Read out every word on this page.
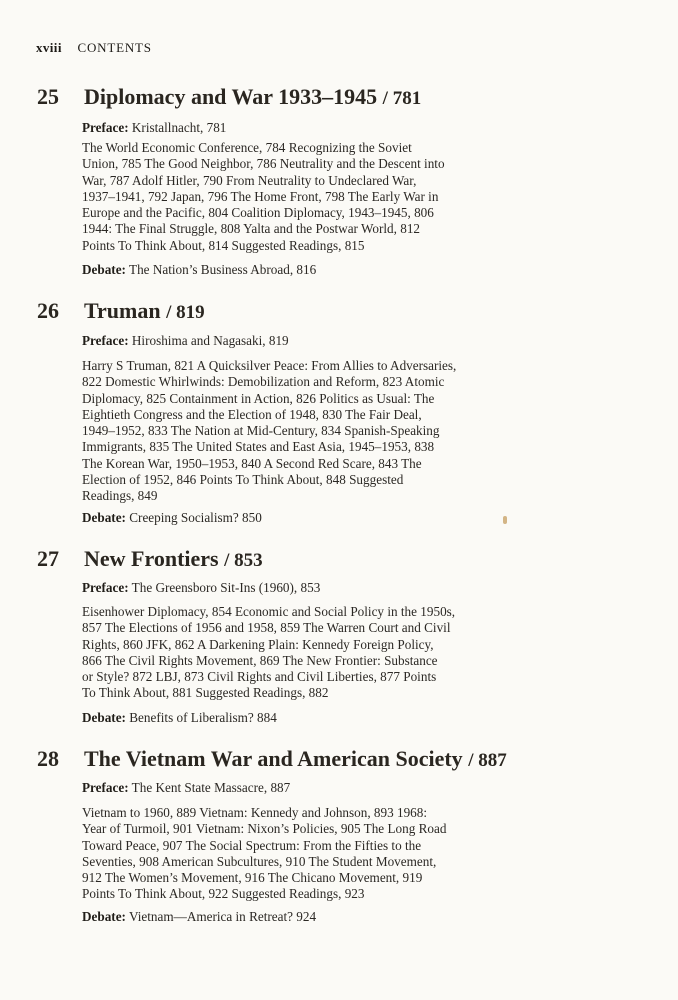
xviii CONTENTS
25 Diplomacy and War 1933–1945 / 781
Preface: Kristallnacht, 781
The World Economic Conference, 784 Recognizing the Soviet
Union, 785 The Good Neighbor, 786 Neutrality and the Descent into
War, 787 Adolf Hitler, 790 From Neutrality to Undeclared War,
1937–1941, 792 Japan, 796 The Home Front, 798 The Early War in
Europe and the Pacific, 804 Coalition Diplomacy, 1943–1945, 806
1944: The Final Struggle, 808 Yalta and the Postwar World, 812
Points To Think About, 814 Suggested Readings, 815
Debate: The Nation’s Business Abroad, 816
26 Truman / 819
Preface: Hiroshima and Nagasaki, 819
Harry S Truman, 821 A Quicksilver Peace: From Allies to Adversaries,
822 Domestic Whirlwinds: Demobilization and Reform, 823 Atomic
Diplomacy, 825 Containment in Action, 826 Politics as Usual: The
Eightieth Congress and the Election of 1948, 830 The Fair Deal,
1949–1952, 833 The Nation at Mid-Century, 834 Spanish-Speaking
Immigrants, 835 The United States and East Asia, 1945–1953, 838
The Korean War, 1950–1953, 840 A Second Red Scare, 843 The
Election of 1952, 846 Points To Think About, 848 Suggested
Readings, 849
Debate: Creeping Socialism? 850
27 New Frontiers / 853
Preface: The Greensboro Sit-Ins (1960), 853
Eisenhower Diplomacy, 854 Economic and Social Policy in the 1950s,
857 The Elections of 1956 and 1958, 859 The Warren Court and Civil
Rights, 860 JFK, 862 A Darkening Plain: Kennedy Foreign Policy,
866 The Civil Rights Movement, 869 The New Frontier: Substance
or Style? 872 LBJ, 873 Civil Rights and Civil Liberties, 877 Points
To Think About, 881 Suggested Readings, 882
Debate: Benefits of Liberalism? 884
28 The Vietnam War and American Society / 887
Preface: The Kent State Massacre, 887
Vietnam to 1960, 889 Vietnam: Kennedy and Johnson, 893 1968:
Year of Turmoil, 901 Vietnam: Nixon’s Policies, 905 The Long Road
Toward Peace, 907 The Social Spectrum: From the Fifties to the
Seventies, 908 American Subcultures, 910 The Student Movement,
912 The Women’s Movement, 916 The Chicano Movement, 919
Points To Think About, 922 Suggested Readings, 923
Debate: Vietnam—America in Retreat? 924
